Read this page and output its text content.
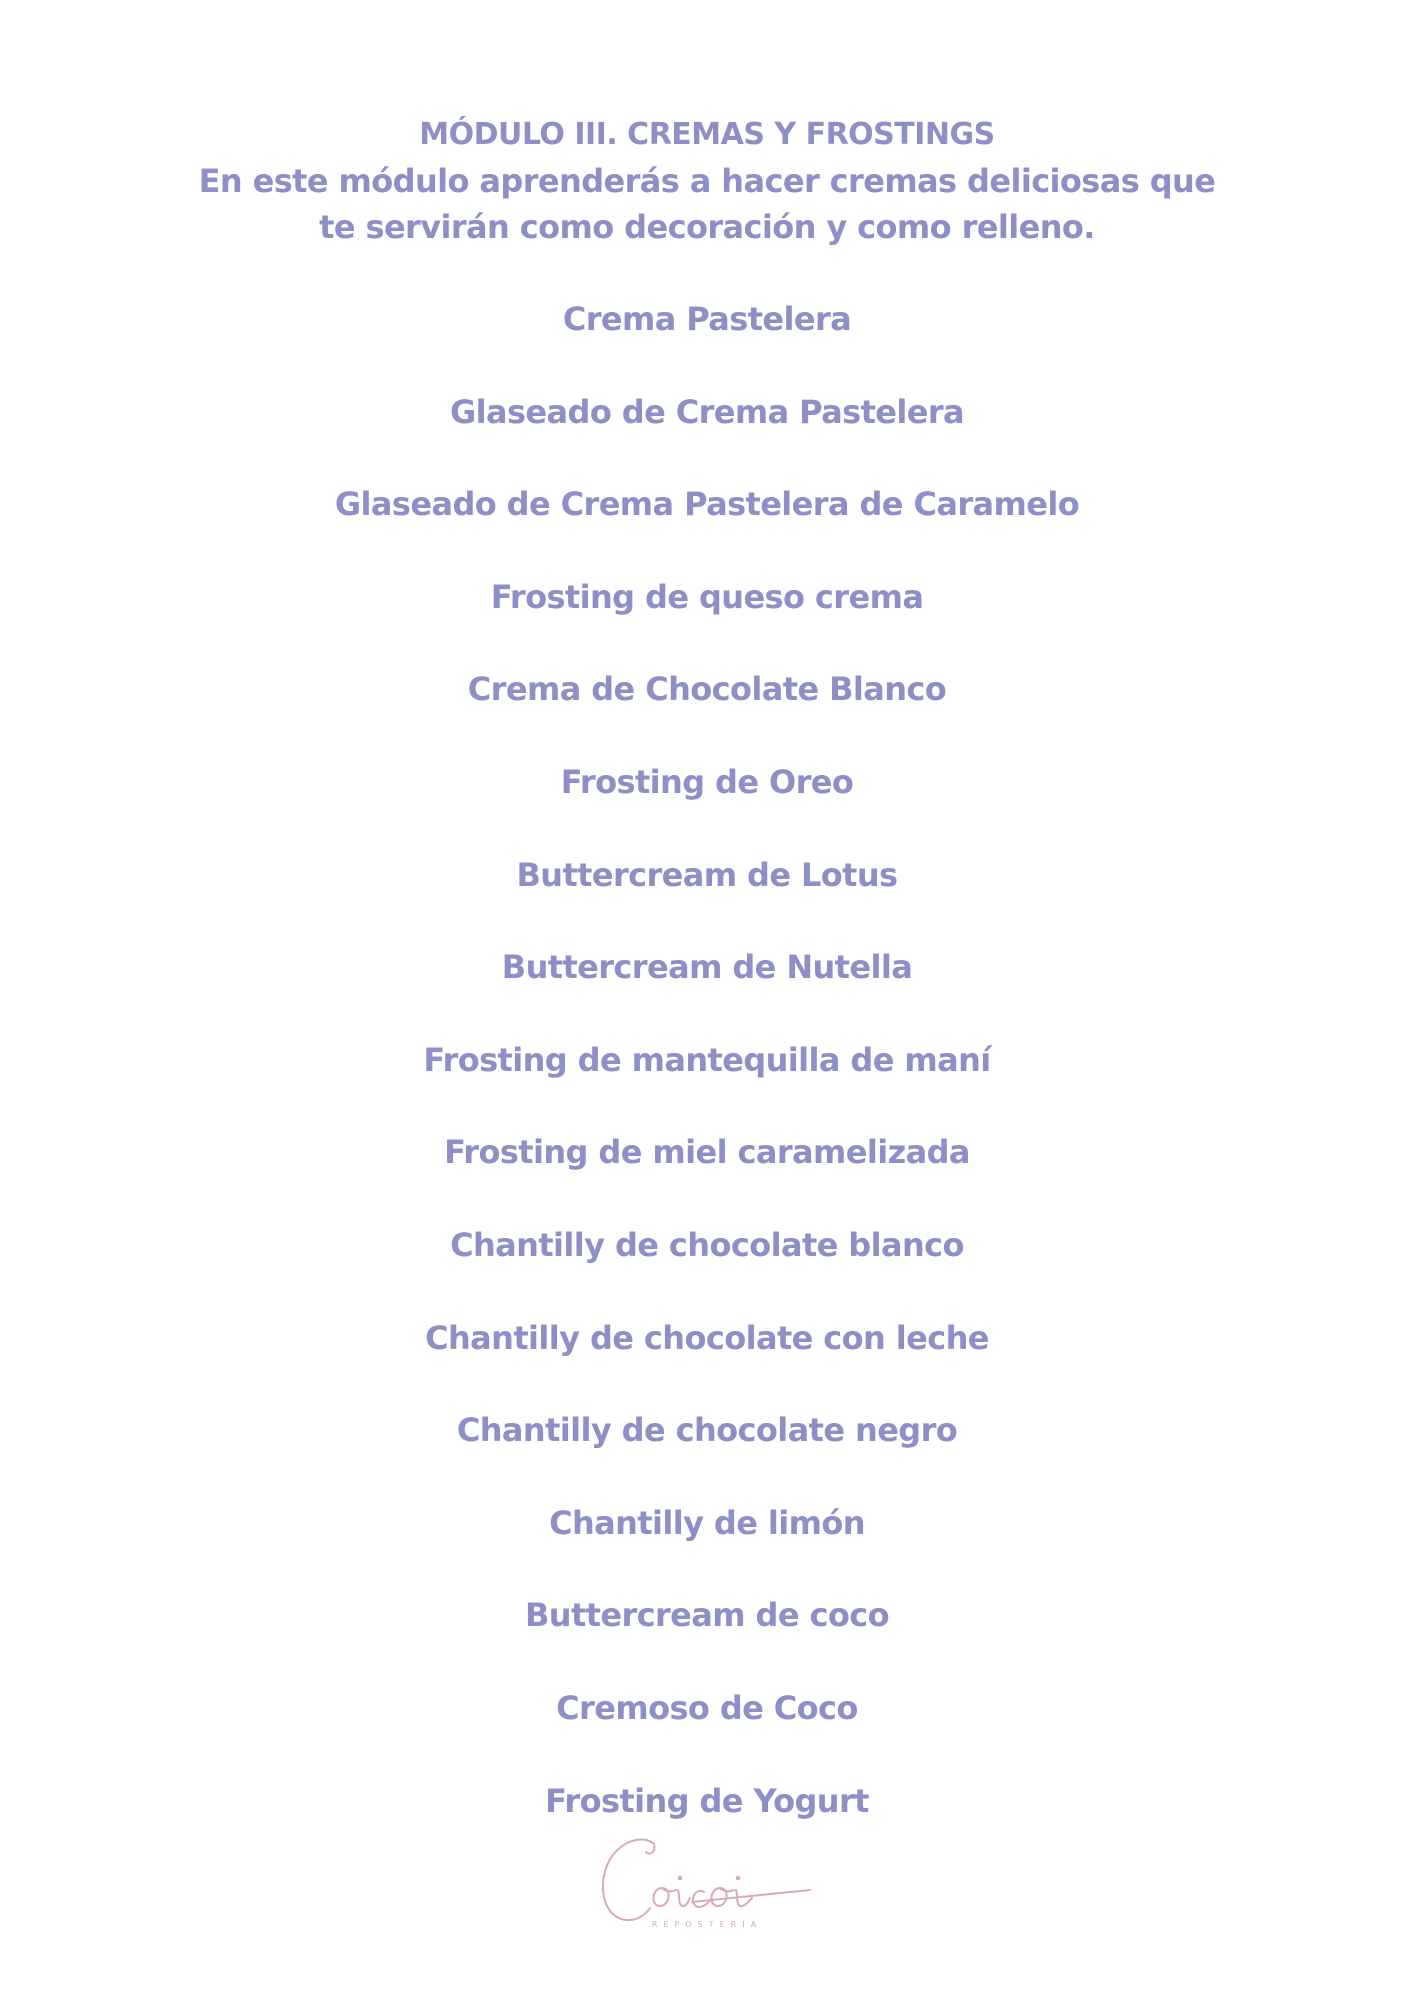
MÓDULO III. CREMAS Y FROSTINGS
En este módulo aprenderás a hacer cremas deliciosas que te servirán como decoración y como relleno.
Crema Pastelera
Glaseado de Crema Pastelera
Glaseado de Crema Pastelera de Caramelo
Frosting de queso crema
Crema de Chocolate Blanco
Frosting de Oreo
Buttercream de Lotus
Buttercream de Nutella
Frosting de mantequilla de maní
Frosting de miel caramelizada
Chantilly de chocolate blanco
Chantilly de chocolate con leche
Chantilly de chocolate negro
Chantilly de limón
Buttercream de coco
Cremoso de Coco
Frosting de Yogurt
REPOSTERÍA
